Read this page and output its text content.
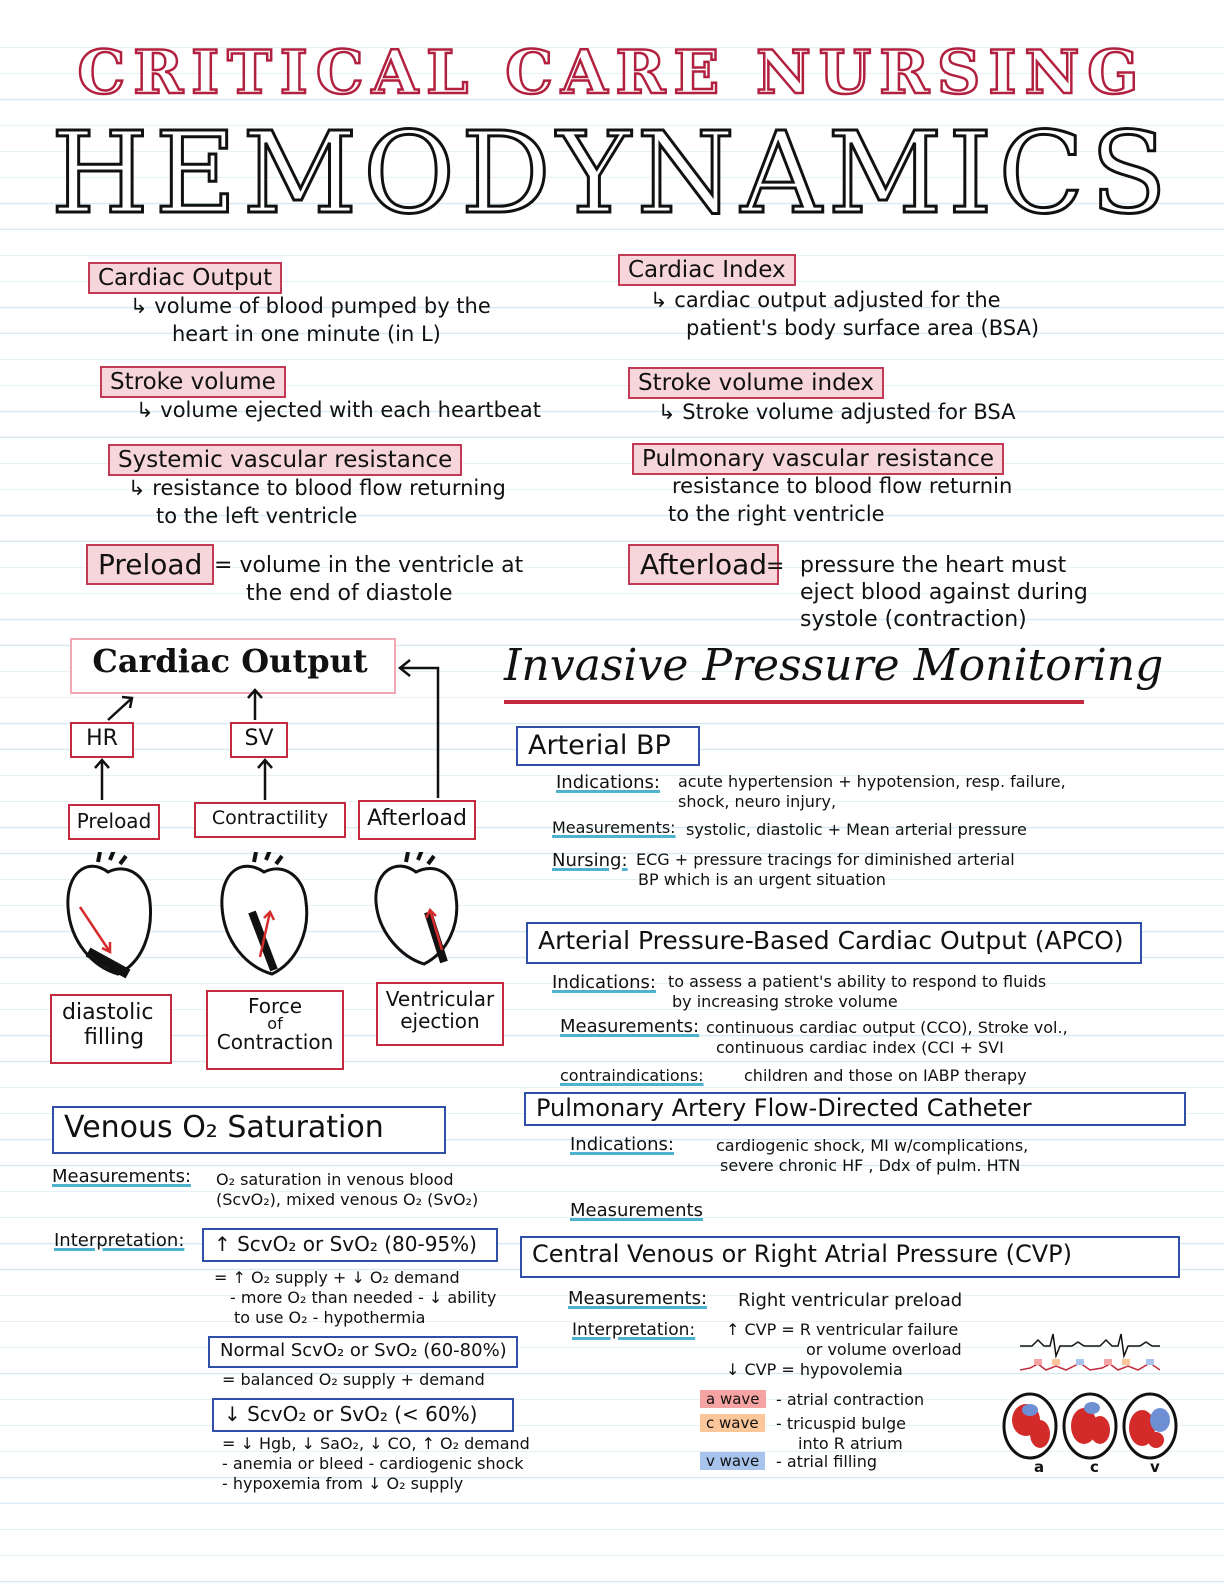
CRITICAL CARE NURSING
HEMODYNAMICS
Cardiac Output
↳ volume of blood pumped by the
heart in one minute (in L)
Cardiac Index
↳ cardiac output adjusted for the
patient's body surface area (BSA)
Stroke volume
↳ volume ejected with each heartbeat
Stroke volume index
↳ Stroke volume adjusted for BSA
Systemic vascular resistance
↳ resistance to blood flow returning
to the left ventricle
Pulmonary vascular resistance
resistance to blood flow returnin
to the right ventricle
Preload = volume in the ventricle at
the end of diastole
Afterload
= pressure the heart must
eject blood against during
systole (contraction)
Cardiac Output
HR	SV
Preload	Contractility	Afterload
diastolic
filling
Force
of
Contraction
Ventricular
ejection
Venous O₂ Saturation
Measurements: O₂ saturation in venous blood
(ScvO₂), mixed venous O₂ (SvO₂)
Interpretation:	↑ ScvO₂ or SvO₂ (80-95%)
= ↑ O₂ supply + ↓ O₂ demand
- more O₂ than needed - ↓ ability
to use O₂ - hypothermia
Normal ScvO₂ or SvO₂ (60-80%)
= balanced O₂ supply + demand
↓ ScvO₂ or SvO₂ (< 60%)
= ↓ Hgb, ↓ SaO₂, ↓ CO, ↑ O₂ demand
- anemia or bleed - cardiogenic shock
- hypoxemia from ↓ O₂ supply
Invasive Pressure Monitoring
Arterial BP
Indications: acute hypertension + hypotension, resp. failure,
shock, neuro injury,
Measurements: systolic, diastolic + Mean arterial pressure
Nursing: ECG + pressure tracings for diminished arterial
BP which is an urgent situation
Arterial Pressure-Based Cardiac Output (APCO)
Indications: to assess a patient's ability to respond to fluids
by increasing stroke volume
Measurements: continuous cardiac output (CCO), Stroke vol.,
continuous cardiac index (CCI + SVI
contraindications:	children and those on IABP therapy
Pulmonary Artery Flow-Directed Catheter
Indications:	cardiogenic shock, MI w/complications,
severe chronic HF , Ddx of pulm. HTN
Measurements
Central Venous or Right Atrial Pressure (CVP)
Measurements: Right ventricular preload
Interpretation: ↑ CVP = R ventricular failure
or volume overload
↓ CVP = hypovolemia
a wave	- atrial contraction
c wave	- tricuspid bulge
into R atrium
v wave	- atrial filling	a	c	v
